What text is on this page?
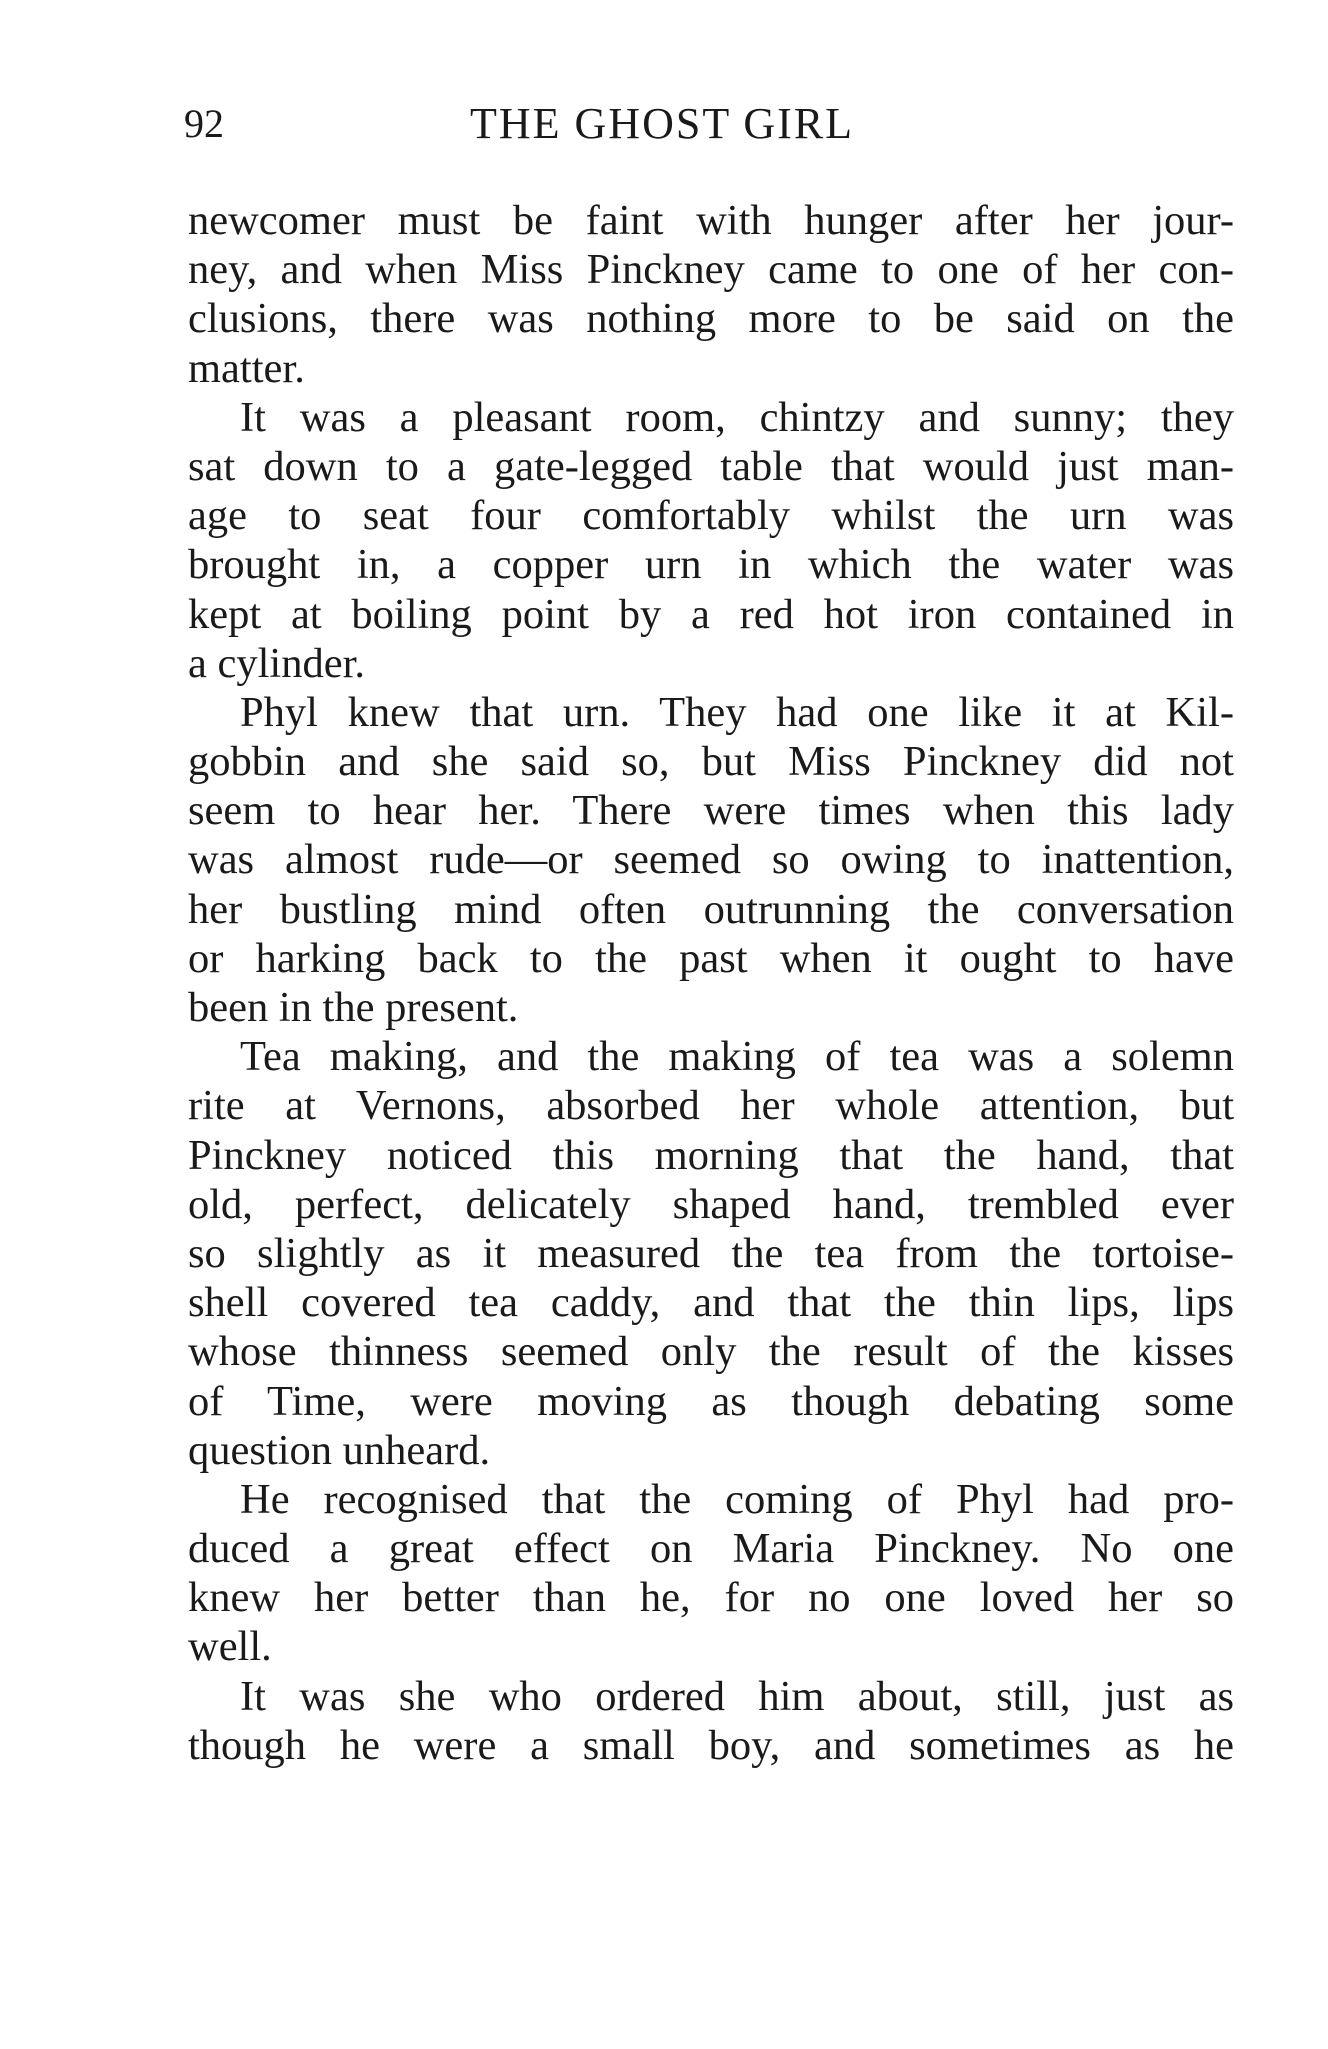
92	THE GHOST GIRL
newcomer must be faint with hunger after her jour-
ney, and when Miss Pinckney came to one of her con-
clusions, there was nothing more to be said on the
matter.
It was a pleasant room, chintzy and sunny; they
sat down to a gate-legged table that would just man-
age to seat four comfortably whilst the urn was
brought in, a copper urn in which the water was
kept at boiling point by a red hot iron contained in
a cylinder.
Phyl knew that urn. They had one like it at Kil-
gobbin and she said so, but Miss Pinckney did not
seem to hear her. There were times when this lady
was almost rude—or seemed so owing to inattention,
her bustling mind often outrunning the conversation
or harking back to the past when it ought to have
been in the present.
Tea making, and the making of tea was a solemn
rite at Vernons, absorbed her whole attention, but
Pinckney noticed this morning that the hand, that
old, perfect, delicately shaped hand, trembled ever
so slightly as it measured the tea from the tortoise-
shell covered tea caddy, and that the thin lips, lips
whose thinness seemed only the result of the kisses
of Time, were moving as though debating some
question unheard.
He recognised that the coming of Phyl had pro-
duced a great effect on Maria Pinckney. No one
knew her better than he, for no one loved her so
well.
It was she who ordered him about, still, just as
though he were a small boy, and sometimes as he
